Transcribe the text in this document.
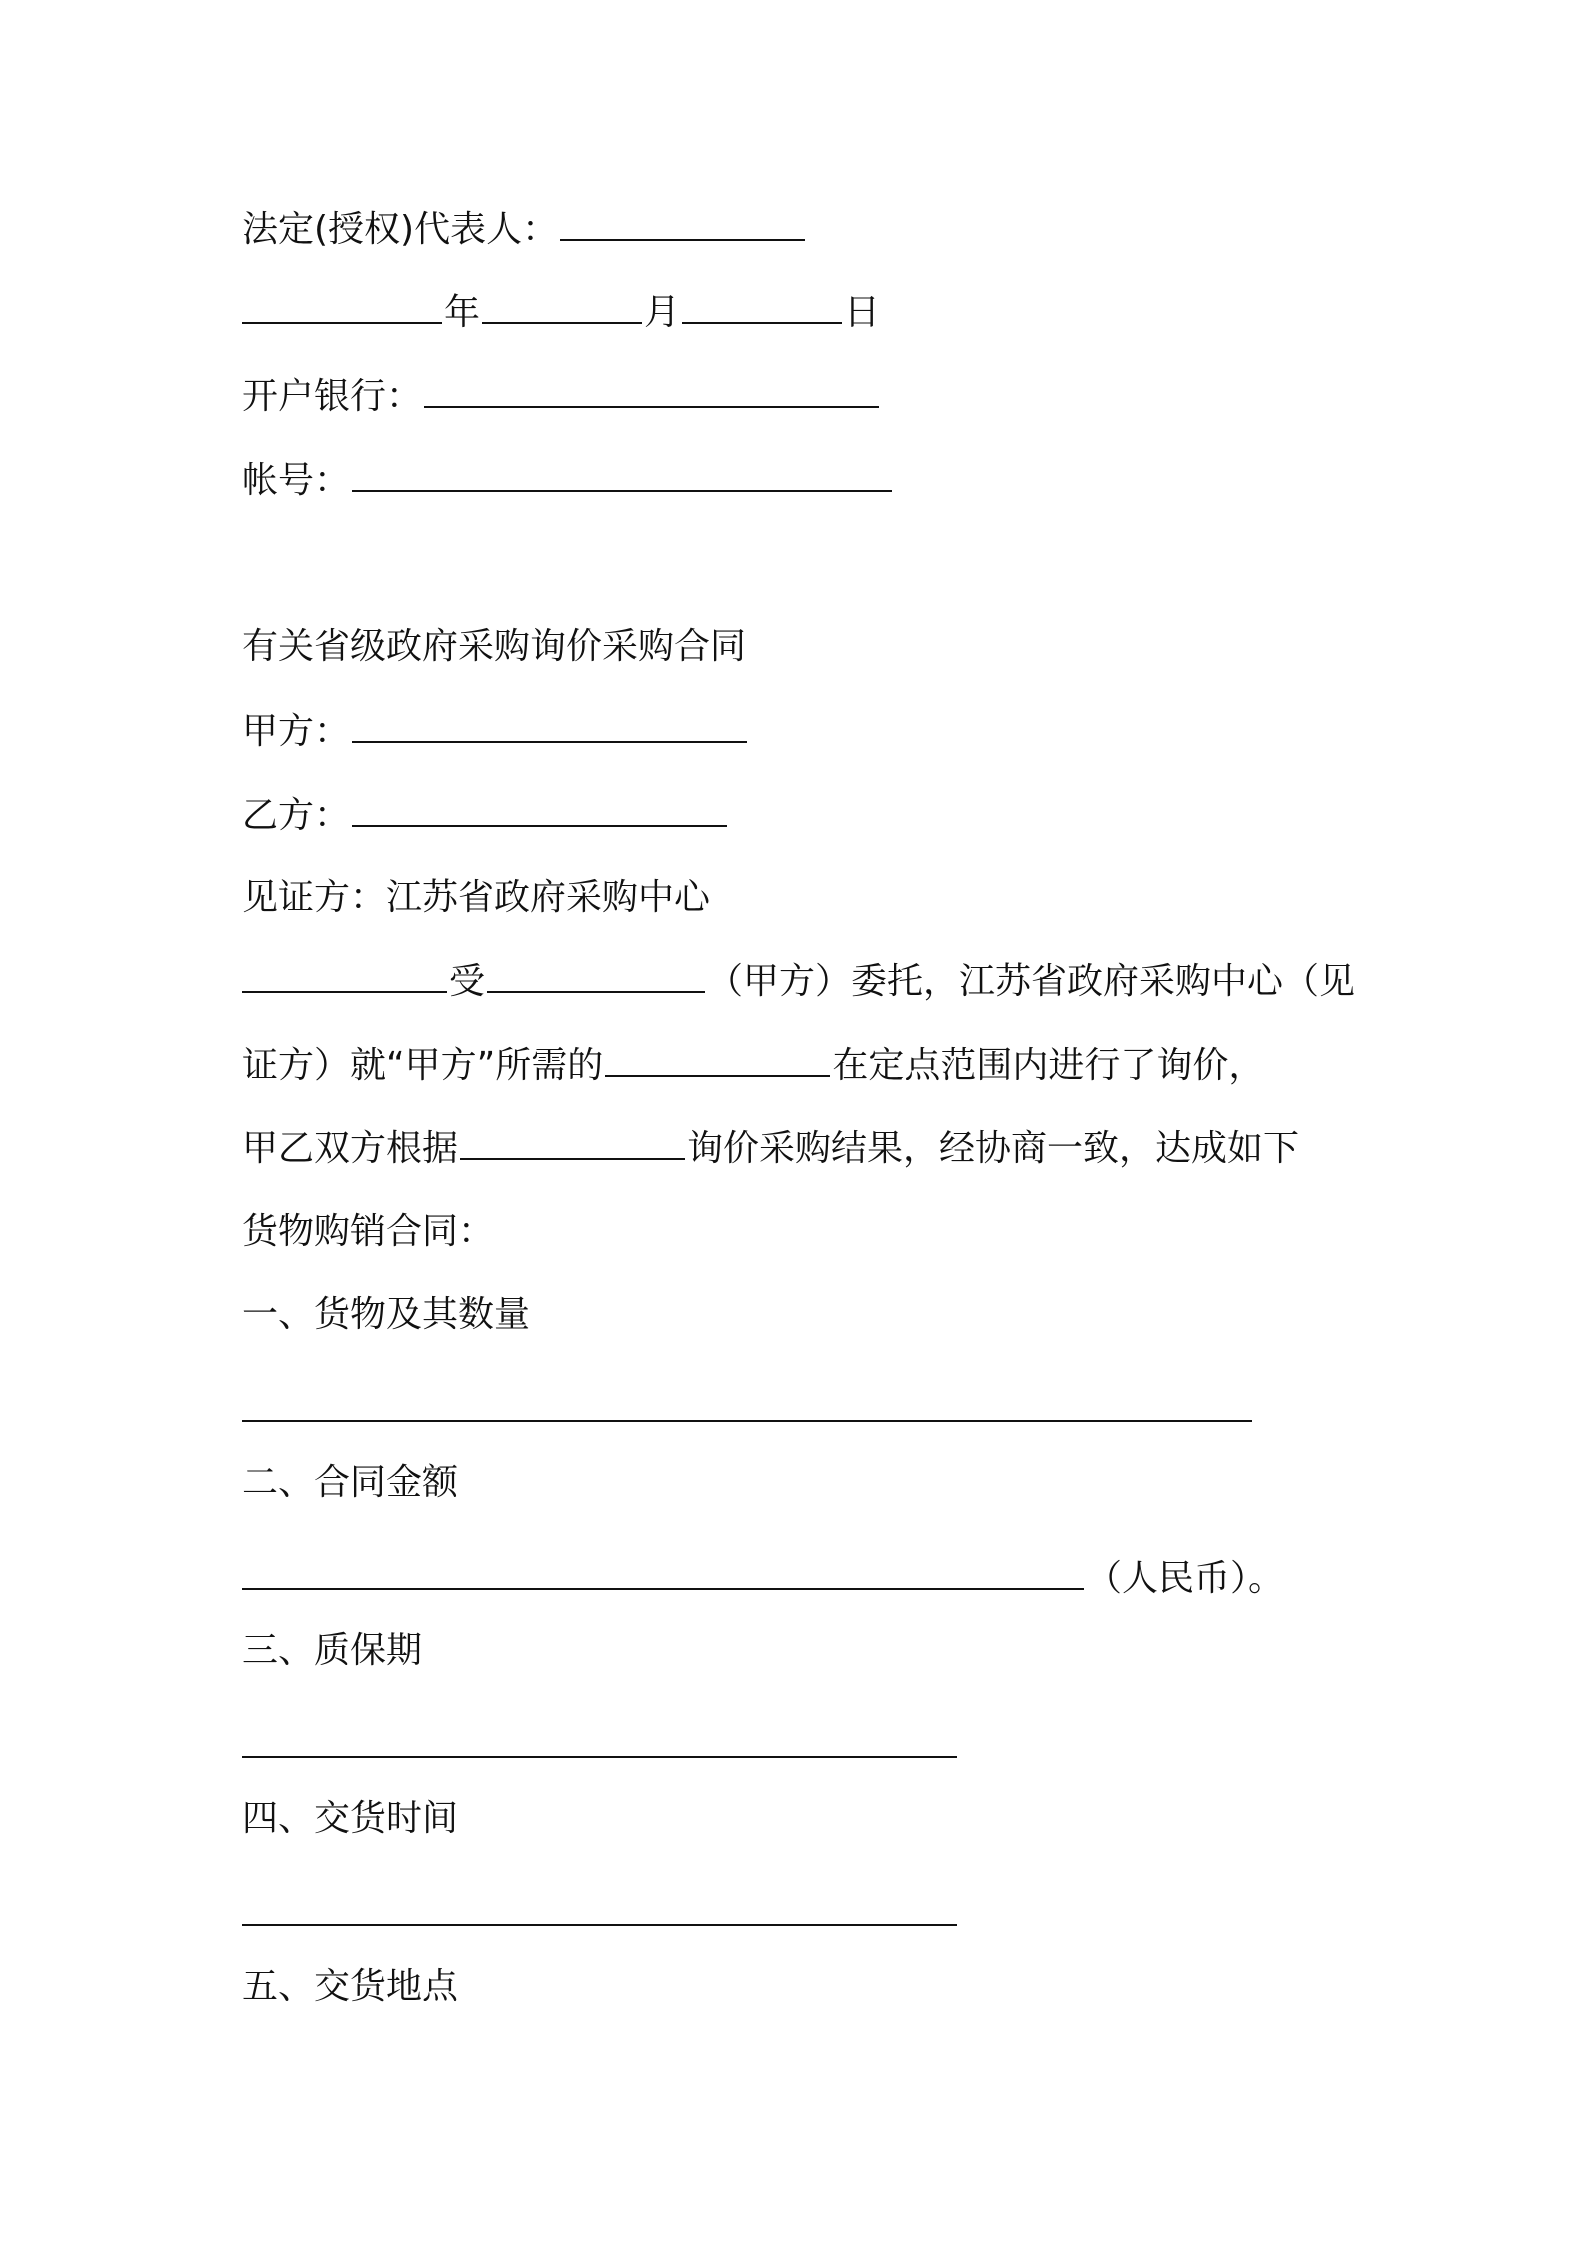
法定(授权)代表人：
年	月	日
开户银行：
帐号：
有关省级政府采购询价采购合同
甲方：
乙方：
见证方：江苏省政府采购中心
受	（甲方）委托，江苏省政府采购中心（见
证方）就“甲方”所需的	在定点范围内进行了询价，
甲乙双方根据	询价采购结果，经协商一致，达成如下
货物购销合同：
一、货物及其数量
二、合同金额
（人民币）。
三、质保期
四、交货时间
五、交货地点
